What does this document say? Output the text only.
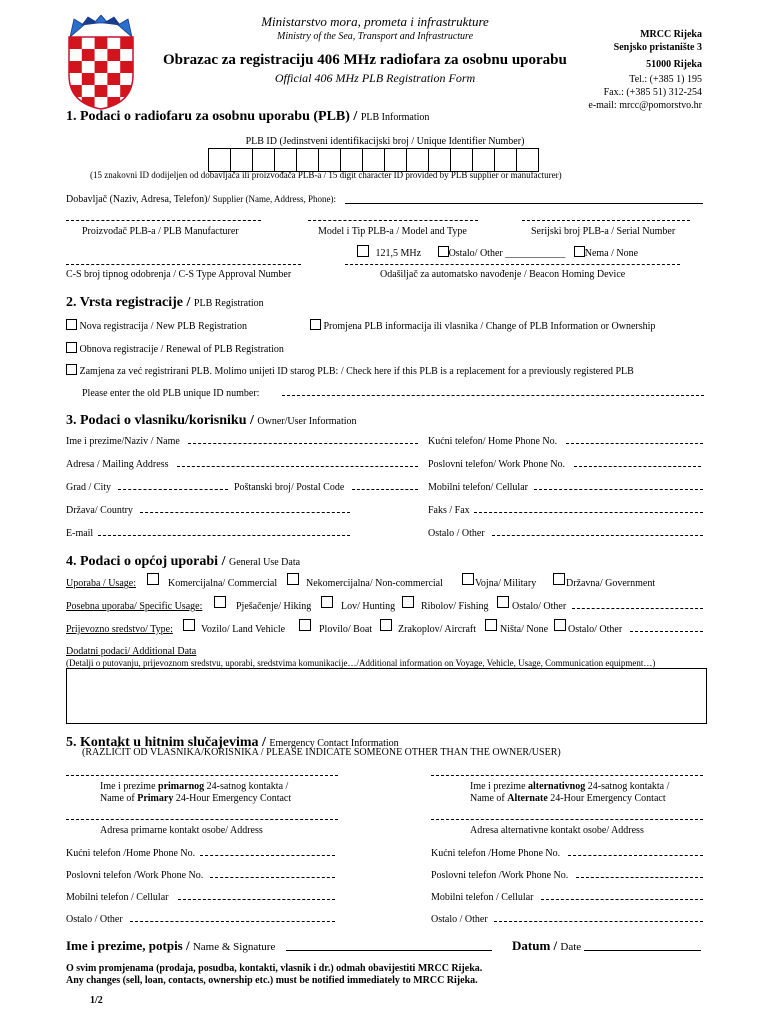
Ministarstvo mora, prometa i infrastrukture
Ministry of the Sea, Transport and Infrastructure
Obrazac za registraciju 406 MHz radiofara za osobnu uporabu
Official 406 MHz PLB Registration Form
MRCC Rijeka
Senjsko pristanište 3
51000 Rijeka
Tel.: (+385 1) 195
Fax.: (+385 51) 312-254
e-mail: mrcc@pomorstvo.hr
1. Podaci o radiofaru za osobnu uporabu (PLB) / PLB Information
PLB ID (Jedinstveni identifikacijski broj / Unique Identifier Number)
(15 znakovni ID dodijeljen od dobavljača ili proizvođača PLB-a / 15 digit character ID provided by PLB supplier or manufacturer)
Dobavljač (Naziv, Adresa, Telefon)/ Supplier (Name, Address, Phone):
Proizvođač PLB-a / PLB Manufacturer	Model i Tip PLB-a / Model and Type	Serijski broj PLB-a / Serial Number
121,5 MHz	Ostalo/ Other ____________ Nema / None
C-S broj tipnog odobrenja / C-S Type Approval Number	Odašiljač za automatsko navođenje / Beacon Homing Device
2. Vrsta registracije / PLB Registration
Nova registracija / New PLB Registration	Promjena PLB informacija ili vlasnika / Change of PLB Information or Ownership
Obnova registracije / Renewal of PLB Registration
Zamjena za već registrirani PLB. Molimo unijeti ID starog PLB: / Check here if this PLB is a replacement for a previously registered PLB
Please enter the old PLB unique ID number:
3. Podaci o vlasniku/korisniku / Owner/User Information
Ime i prezime/Naziv / Name	Kućni telefon/ Home Phone No.
Adresa / Mailing Address	Poslovni telefon/ Work Phone No.
Grad / City	Poštanski broj/ Postal Code	Mobilni telefon/ Cellular
Država/ Country	Faks / Fax
E-mail	Ostalo / Other
4. Podaci o općoj uporabi / General Use Data
Uporaba / Usage:	Komercijalna/ Commercial	Nekomercijalna/ Non-commercial	Vojna/ Military	Državna/ Government
Posebna uporaba/ Specific Usage:	Pješačenje/ Hiking	Lov/ Hunting	Ribolov/ Fishing Ostalo/ Other
Prijevozno sredstvo/ Type:	Vozilo/ Land Vehicle	Plovilo/ Boat	Zrakoplov/ Aircraft Ništa/ None Ostalo/ Other
Dodatni podaci/ Additional Data
(Detalji o putovanju, prijevoznom sredstvu, uporabi, sredstvima komunikacije…/Additional information on Voyage, Vehicle, Usage, Communication equipment…)
5. Kontakt u hitnim slučajevima / Emergency Contact Information
(RAZLIČIT OD VLASNIKA/KORISNIKA / PLEASE INDICATE SOMEONE OTHER THAN THE OWNER/USER)
Ime i prezime primarnog 24-satnog kontakta /
Name of Primary 24-Hour Emergency Contact
Ime i prezime alternativnog 24-satnog kontakta /
Name of Alternate 24-Hour Emergency Contact
Adresa primarne kontakt osobe/ Address	Adresa alternativne kontakt osobe/ Address
Kućni telefon /Home Phone No.	Kućni telefon /Home Phone No.
Poslovni telefon /Work Phone No.	Poslovni telefon /Work Phone No.
Mobilni telefon / Cellular	Mobilni telefon / Cellular
Ostalo / Other	Ostalo / Other
Ime i prezime, potpis / Name & Signature	Datum / Date
O svim promjenama (prodaja, posudba, kontakti, vlasnik i dr.) odmah obavijestiti MRCC Rijeka.
Any changes (sell, loan, contacts, ownership etc.) must be notified immediately to MRCC Rijeka.
1/2
